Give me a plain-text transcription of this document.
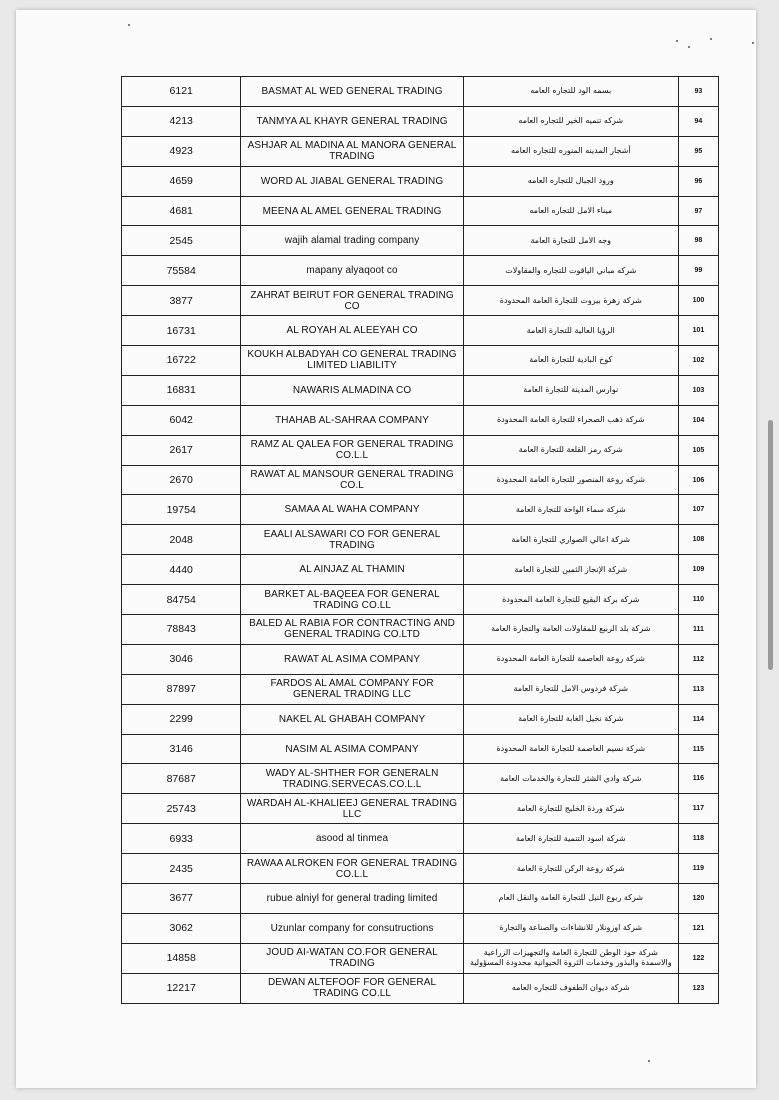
6121	BASMAT AL WED GENERAL TRADING	بسمه الود للتجاره العامه	93
4213	TANMYA AL KHAYR GENERAL TRADING	شركه تنميه الخير للتجاره العامه	94
4923	ASHJAR AL MADINA AL MANORA GENERAL TRADING	أشجار المدينه المنوره للتجاره العامه	95
4659	WORD AL JIABAL GENERAL TRADING	ورود الجبال للتجاره العامه	96
4681	MEENA AL AMEL GENERAL TRADING	ميناء الامل للتجاره العامه	97
2545	wajih alamal trading company	وجه الامل للتجارة العامة	98
75584	mapany alyaqoot co	شركه مباني الياقوت للتجاره والمقاولات	99
3877	ZAHRAT BEIRUT FOR GENERAL TRADING CO	شركة زهرة بيروت للتجارة العامة المحدودة	100
16731	AL ROYAH AL ALEEYAH CO	الرؤيا العالية للتجارة العامة	101
16722	KOUKH ALBADYAH CO GENERAL TRADING LIMITED LIABILITY	كوخ البادية للتجارة العامة	102
16831	NAWARIS ALMADINA CO	نوارس المدينة للتجارة العامة	103
6042	THAHAB AL-SAHRAA COMPANY	شركة ذهب الصحراء للتجارة العامة المحدودة	104
2617	RAMZ AL QALEA FOR GENERAL TRADING CO.L.L	شركة رمز القلعة للتجارة العامة	105
2670	RAWAT AL MANSOUR GENERAL TRADING CO.L	شركه روعة المنصور للتجارة العامة المحدودة	106
19754	SAMAA AL WAHA COMPANY	شركة سماء الواحة للتجارة العامة	107
2048	EAALI ALSAWARI CO FOR GENERAL TRADING	شركة اعالي الصواري للتجارة العامة	108
4440	AL AINJAZ AL THAMIN	شركة الإنجاز الثمين للتجارة العامة	109
84754	BARKET AL-BAQEEA FOR GENERAL TRADING CO.LL	شركه بركة البقيع للتجارة العامة المحدودة	110
78843	BALED AL RABIA FOR CONTRACTING AND GENERAL TRADING CO.LTD	شركة بلد الربيع للمقاولات العامة والتجارة العامة	111
3046	RAWAT AL ASIMA COMPANY	شركة روعة العاصمة للتجارة العامة المحدودة	112
87897	FARDOS AL AMAL COMPANY FOR GENERAL TRADING LLC	شركة فردوس الامل للتجارة العامة	113
2299	NAKEL AL GHABAH COMPANY	شركة نخيل الغابة للتجارة العامة	114
3146	NASIM AL ASIMA COMPANY	شركة نسيم العاصمة للتجارة العامة المحدودة	115
87687	WADY AL-SHTHER FOR GENERALN TRADING.SERVECAS.CO.L.L	شركة وادي الشثر للتجارة والخدمات العامة	116
25743	WARDAH AL-KHALIEEJ GENERAL TRADING LLC	شركة وردة الخليج للتجارة العامة	117
6933	asood al tinmea	شركة اسود التنمية للتجارة العامة	118
2435	RAWAA ALROKEN FOR GENERAL TRADING CO.L.L	شركة روعة الركن للتجارة العامة	119
3677	rubue alniyl for general trading limited	شركة ربوع النيل للتجارة العامة والنقل العام	120
3062	Uzunlar company for consutructions	شركة اوزونلار للانشاءات والصناعة والتجارة	121
14858	JOUD AI-WATAN CO.FOR GENERAL TRADING	شركة جود الوطن للتجارة العامة والتجهيزات الزراعية والاسمدة والبذور وخدمات الثروة الحيوانية محدودة المسؤولية	122
12217	DEWAN ALTEFOOF FOR GENERAL TRADING CO.LL	شركة ديوان الطفوف للتجاره العامه	123
